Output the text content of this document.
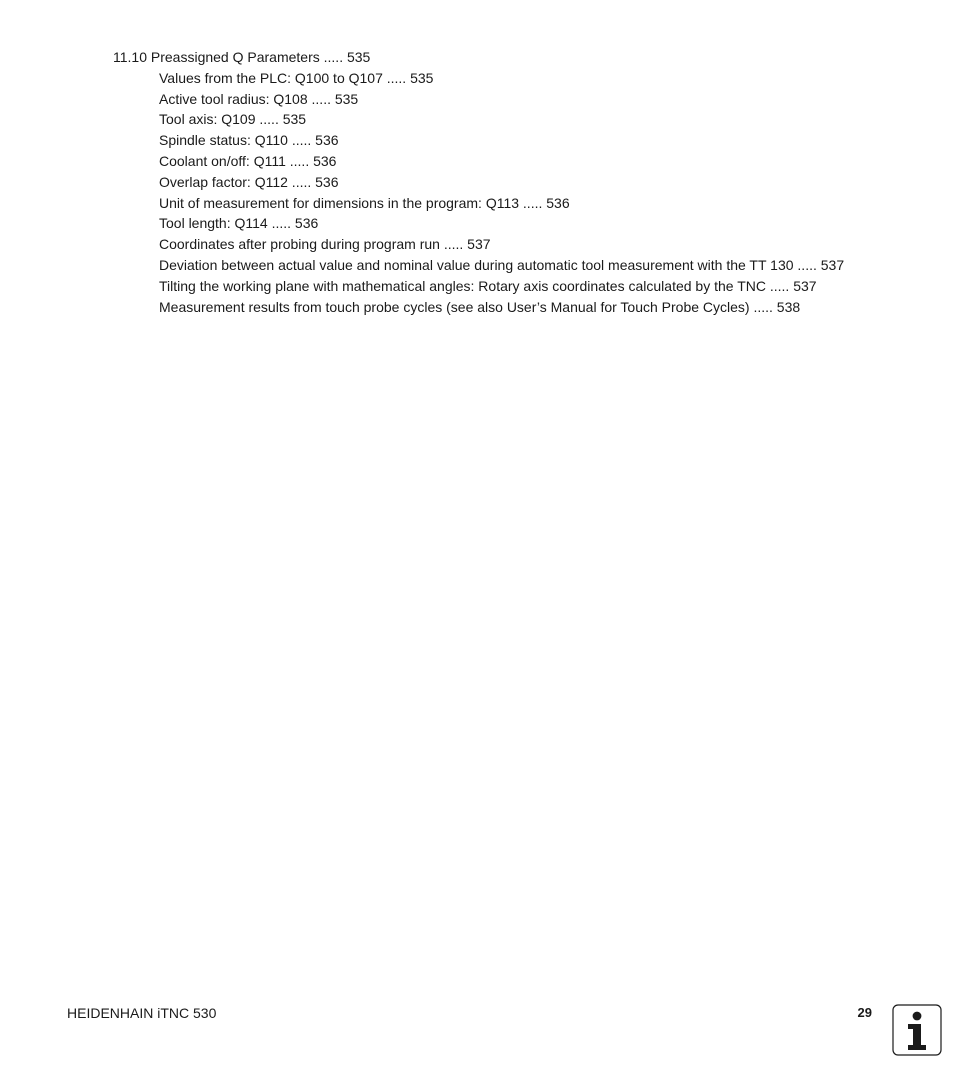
11.10 Preassigned Q Parameters ..... 535
Values from the PLC: Q100 to Q107 ..... 535
Active tool radius: Q108 ..... 535
Tool axis: Q109 ..... 535
Spindle status: Q110 ..... 536
Coolant on/off: Q111 ..... 536
Overlap factor: Q112 ..... 536
Unit of measurement for dimensions in the program: Q113 ..... 536
Tool length: Q114 ..... 536
Coordinates after probing during program run ..... 537
Deviation between actual value and nominal value during automatic tool measurement with the TT 130 ..... 537
Tilting the working plane with mathematical angles: Rotary axis coordinates calculated by the TNC ..... 537
Measurement results from touch probe cycles (see also User’s Manual for Touch Probe Cycles) ..... 538
HEIDENHAIN iTNC 530	29
